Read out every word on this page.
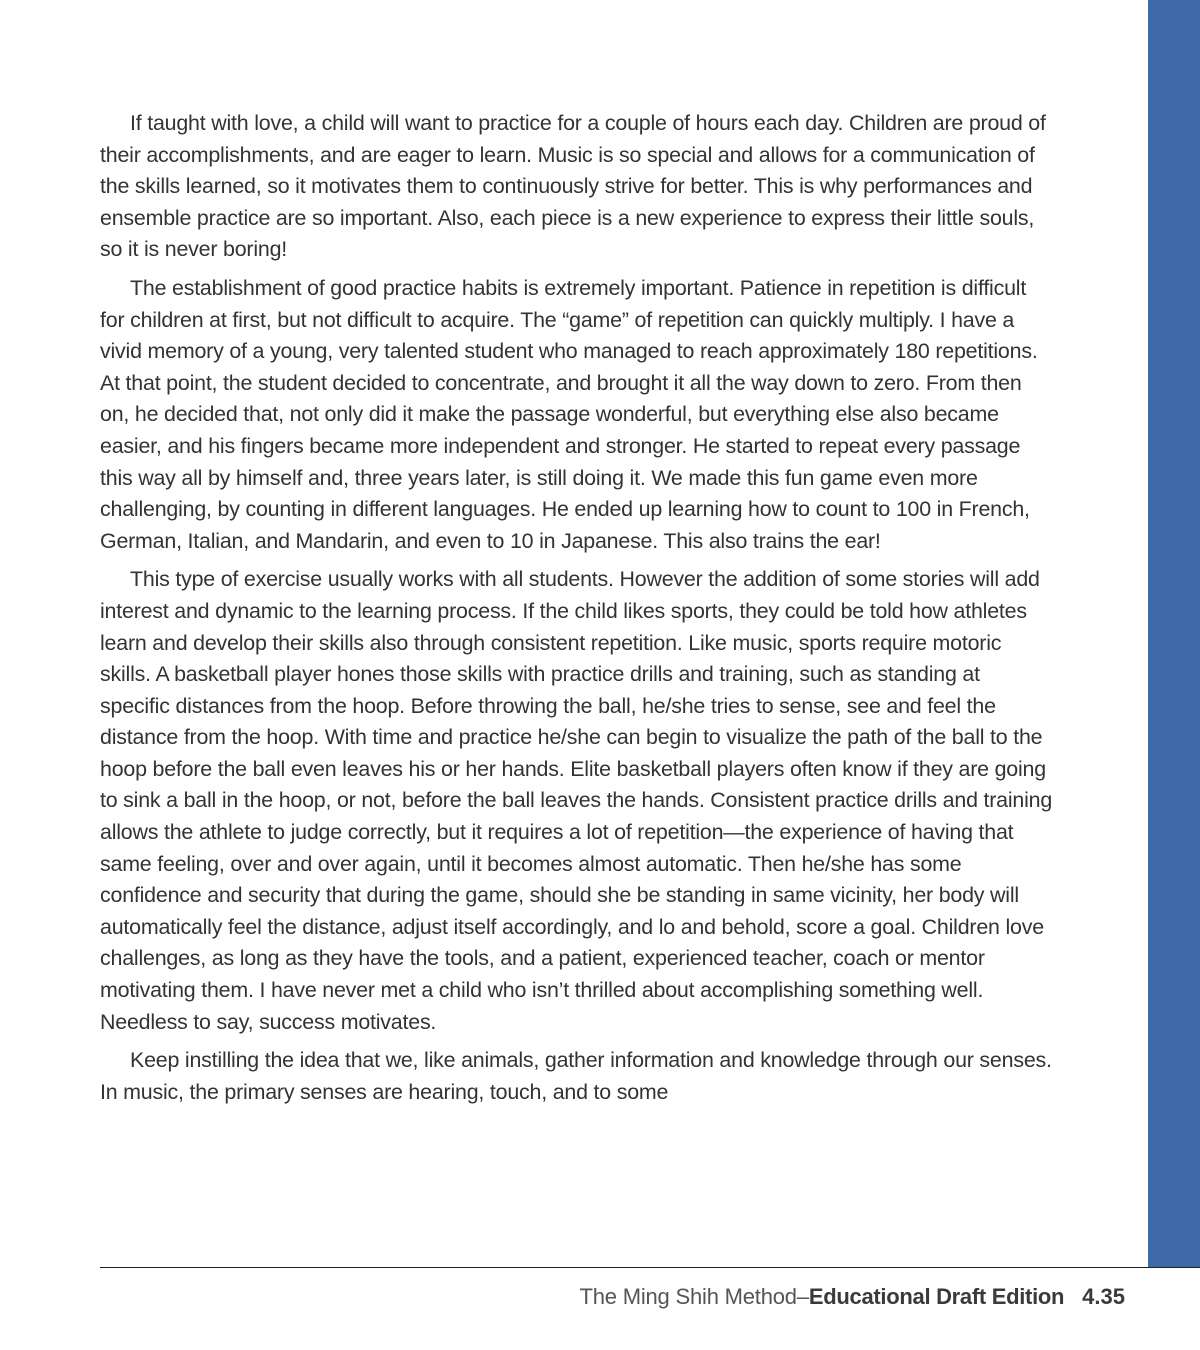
If taught with love, a child will want to practice for a couple of hours each day. Children are proud of their accomplishments, and are eager to learn. Music is so special and allows for a communication of the skills learned, so it motivates them to continuously strive for better. This is why performances and ensemble practice are so important. Also, each piece is a new experience to express their little souls, so it is never boring!

The establishment of good practice habits is extremely important. Patience in repetition is difficult for children at first, but not difficult to acquire. The “game” of repetition can quickly multiply. I have a vivid memory of a young, very talented student who managed to reach approximately 180 repetitions. At that point, the student decided to concentrate, and brought it all the way down to zero. From then on, he decided that, not only did it make the passage wonderful, but everything else also became easier, and his fingers became more independent and stronger. He started to repeat every passage this way all by himself and, three years later, is still doing it. We made this fun game even more challenging, by counting in different languages. He ended up learning how to count to 100 in French, German, Italian, and Mandarin, and even to 10 in Japanese. This also trains the ear!

This type of exercise usually works with all students. However the addition of some stories will add interest and dynamic to the learning process. If the child likes sports, they could be told how athletes learn and develop their skills also through consistent repetition. Like music, sports require motoric skills. A basketball player hones those skills with practice drills and training, such as standing at specific distances from the hoop. Before throwing the ball, he/she tries to sense, see and feel the distance from the hoop. With time and practice he/she can begin to visualize the path of the ball to the hoop before the ball even leaves his or her hands. Elite basketball players often know if they are going to sink a ball in the hoop, or not, before the ball leaves the hands. Consistent practice drills and training allows the athlete to judge correctly, but it requires a lot of repetition—the experience of having that same feeling, over and over again, until it becomes almost automatic. Then he/she has some confidence and security that during the game, should she be standing in same vicinity, her body will automatically feel the distance, adjust itself accordingly, and lo and behold, score a goal. Children love challenges, as long as they have the tools, and a patient, experienced teacher, coach or mentor motivating them. I have never met a child who isn’t thrilled about accomplishing something well. Needless to say, success motivates.

Keep instilling the idea that we, like animals, gather information and knowledge through our senses. In music, the primary senses are hearing, touch, and to some

The Ming Shih Method–Educational Draft Edition 4.35
